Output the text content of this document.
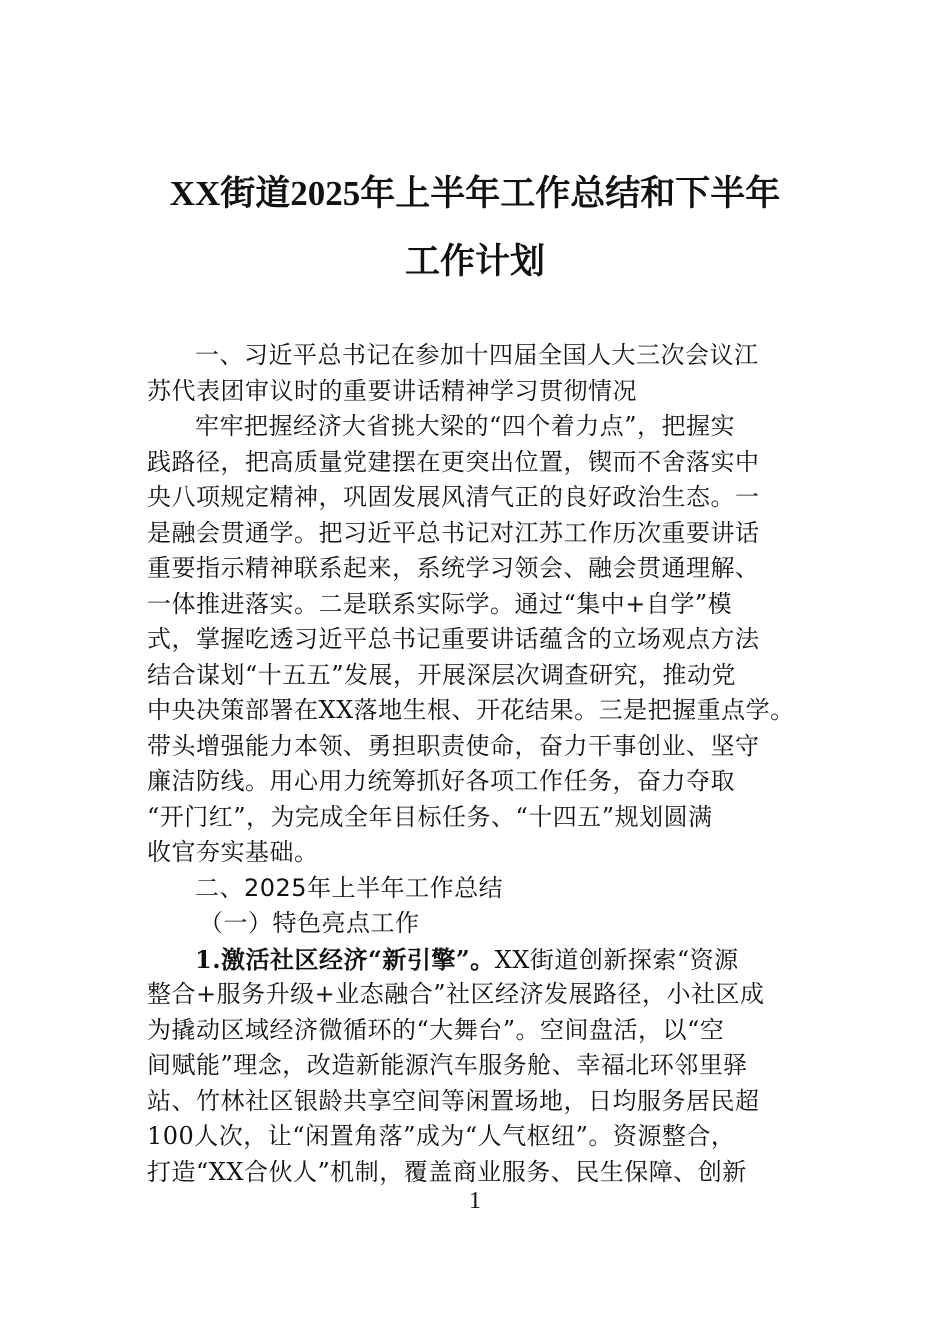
XX街道2025年上半年工作总结和下半年
工作计划
一、习近平总书记在参加十四届全国人大三次会议江
苏代表团审议时的重要讲话精神学习贯彻情况
牢牢把握经济大省挑大梁的“四个着力点”，把握实
践路径，把高质量党建摆在更突出位置，锲而不舍落实中
央八项规定精神，巩固发展风清气正的良好政治生态。一
是融会贯通学。把习近平总书记对江苏工作历次重要讲话
重要指示精神联系起来，系统学习领会、融会贯通理解、
一体推进落实。二是联系实际学。通过“集中+自学”模
式，掌握吃透习近平总书记重要讲话蕴含的立场观点方法
结合谋划“十五五”发展，开展深层次调查研究，推动党
中央决策部署在XX落地生根、开花结果。三是把握重点学。
带头增强能力本领、勇担职责使命，奋力干事创业、坚守
廉洁防线。用心用力统筹抓好各项工作任务，奋力夺取
“开门红”，为完成全年目标任务、“十四五”规划圆满
收官夯实基础。
二、2025年上半年工作总结
（一）特色亮点工作
1.激活社区经济“新引擎”。XX街道创新探索“资源
整合+服务升级+业态融合”社区经济发展路径，小社区成
为撬动区域经济微循环的“大舞台”。空间盘活，以“空
间赋能”理念，改造新能源汽车服务舱、幸福北环邻里驿
站、竹林社区银龄共享空间等闲置场地，日均服务居民超
100人次，让“闲置角落”成为“人气枢纽”。资源整合，
打造“XX合伙人”机制，覆盖商业服务、民生保障、创新
1
